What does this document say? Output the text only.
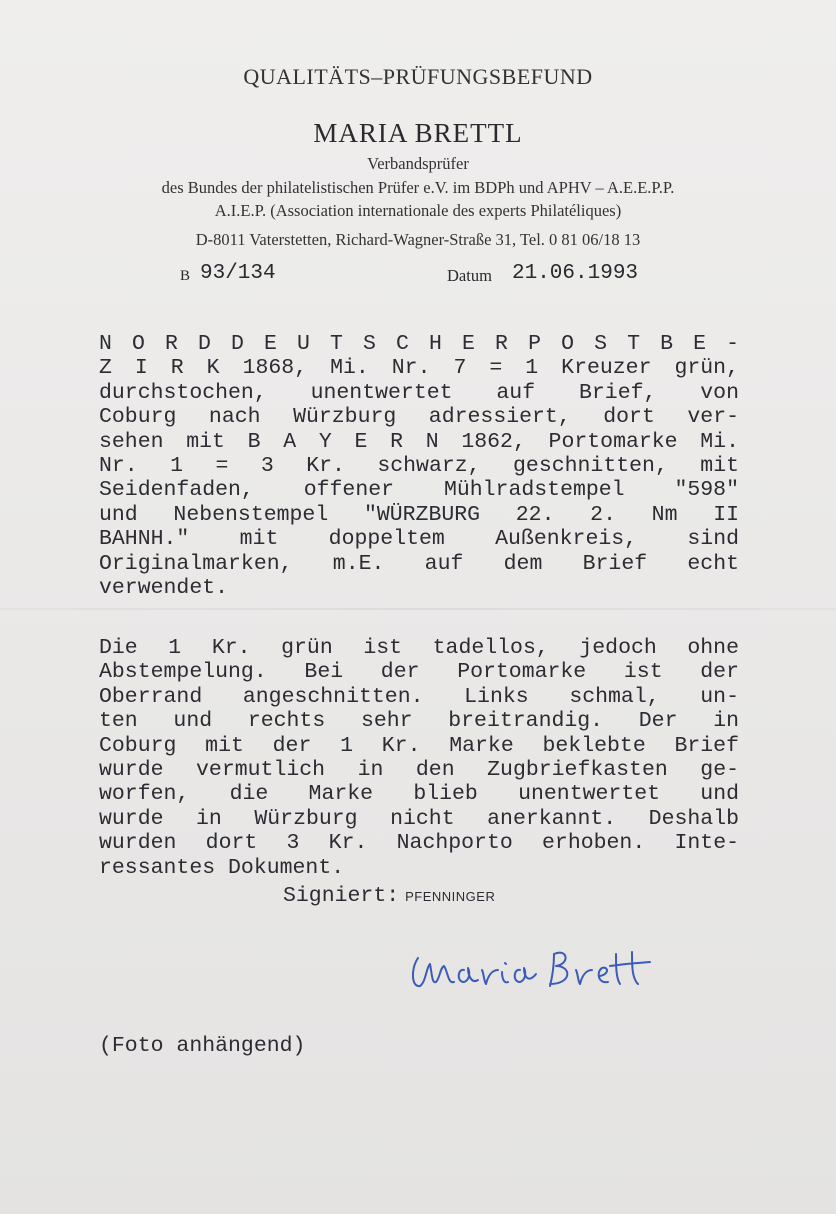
QUALITÄTS–PRÜFUNGSBEFUND
MARIA BRETTL
Verbandsprüfer
des Bundes der philatelistischen Prüfer e.V. im BDPh und APHV – A.E.E.P.P.
A.I.E.P. (Association internationale des experts Philatéliques)
D-8011 Vaterstetten, Richard-Wagner-Straße 31, Tel. 0 81 06/18 13
B 93/134	Datum 21.06.1993
N O R D D E U T S C H E R P O S T B E -
Z I R K 1868, Mi. Nr. 7 = 1 Kreuzer grün,
durchstochen, unentwertet auf Brief, von
Coburg nach Würzburg adressiert, dort ver-
sehen mit B A Y E R N 1862, Portomarke Mi.
Nr. 1 = 3 Kr. schwarz, geschnitten, mit
Seidenfaden, offener Mühlradstempel "598"
und Nebenstempel "WÜRZBURG 22. 2. Nm II
BAHNH." mit doppeltem Außenkreis, sind
Originalmarken, m.E. auf dem Brief echt
verwendet.
Die 1 Kr. grün ist tadellos, jedoch ohne
Abstempelung. Bei der Portomarke ist der
Oberrand angeschnitten. Links schmal, un-
ten und rechts sehr breitrandig. Der in
Coburg mit der 1 Kr. Marke beklebte Brief
wurde vermutlich in den Zugbriefkasten ge-
worfen, die Marke blieb unentwertet und
wurde in Würzburg nicht anerkannt. Deshalb
wurden dort 3 Kr. Nachporto erhoben. Inte-
ressantes Dokument.
Signiert: PFENNINGER
(Foto anhängend)
